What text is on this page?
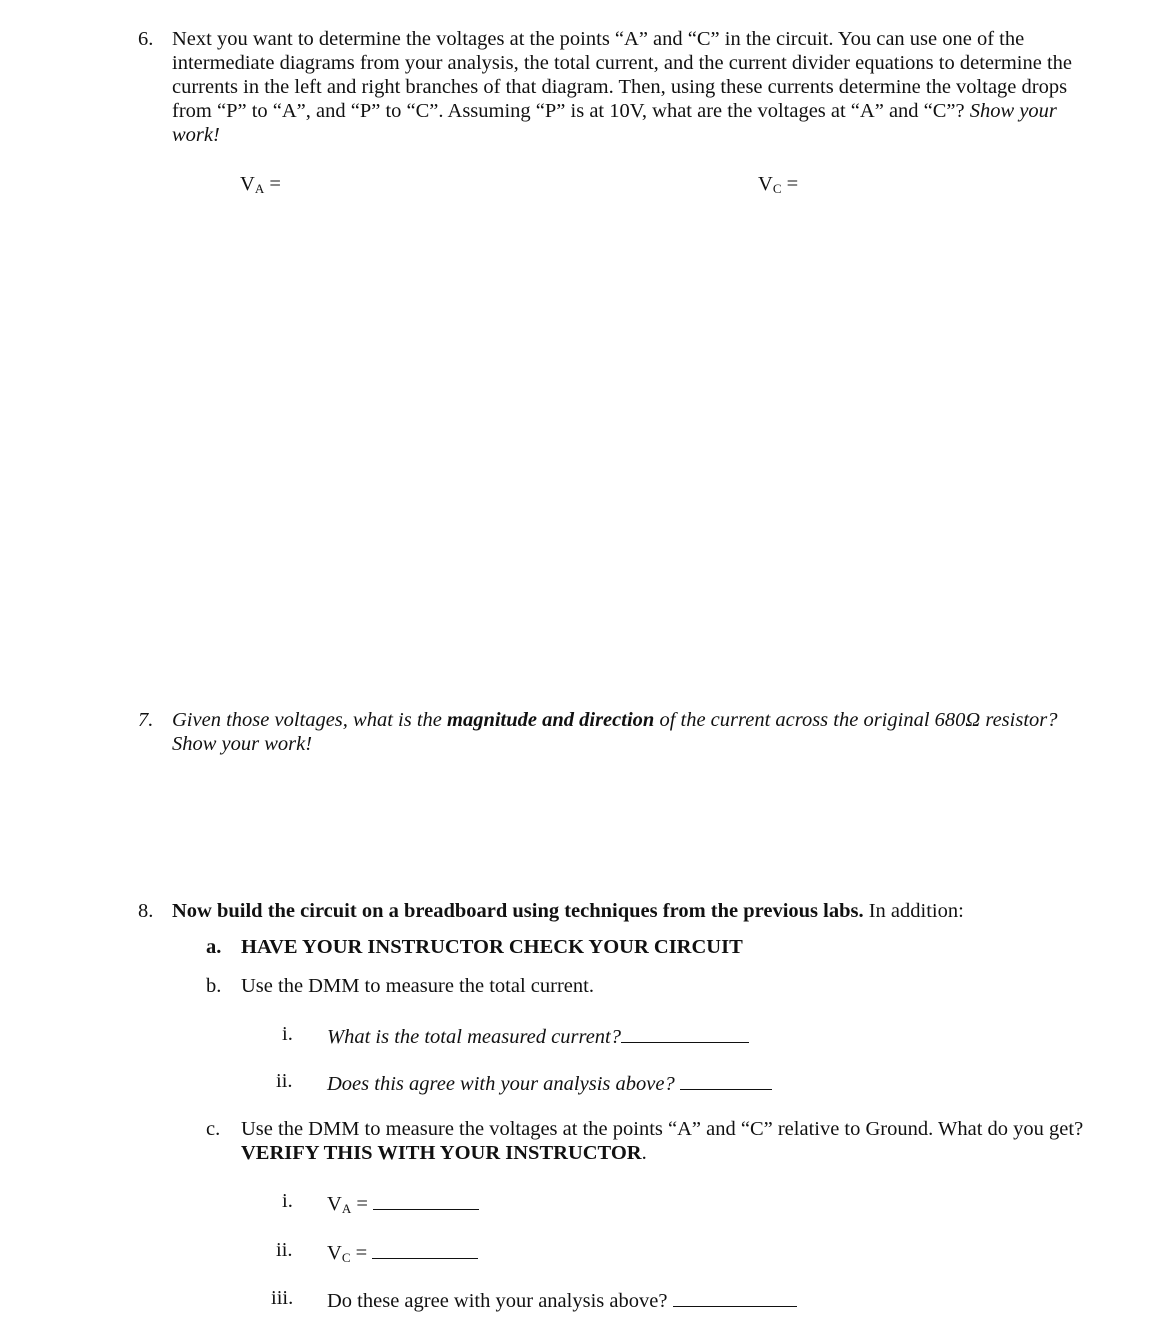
6. Next you want to determine the voltages at the points “A” and “C” in the circuit. You can use one of the intermediate diagrams from your analysis, the total current, and the current divider equations to determine the currents in the left and right branches of that diagram. Then, using these currents determine the voltage drops from “P” to “A”, and “P” to “C”. Assuming “P” is at 10V, what are the voltages at “A” and “C”? Show your work!
$V_A$ =	$V_C$ =
7. Given those voltages, what is the magnitude and direction of the current across the original 680Ω resistor?
Show your work!
8. Now build the circuit on a breadboard using techniques from the previous labs. In addition:
a. HAVE YOUR INSTRUCTOR CHECK YOUR CIRCUIT
b. Use the DMM to measure the total current.
i. What is the total measured current?
ii. Does this agree with your analysis above?
c. Use the DMM to measure the voltages at the points “A” and “C” relative to Ground. What do you get? VERIFY THIS WITH YOUR INSTRUCTOR.
i. $V_A$ =
ii. $V_C$ =
iii. Do these agree with your analysis above?
